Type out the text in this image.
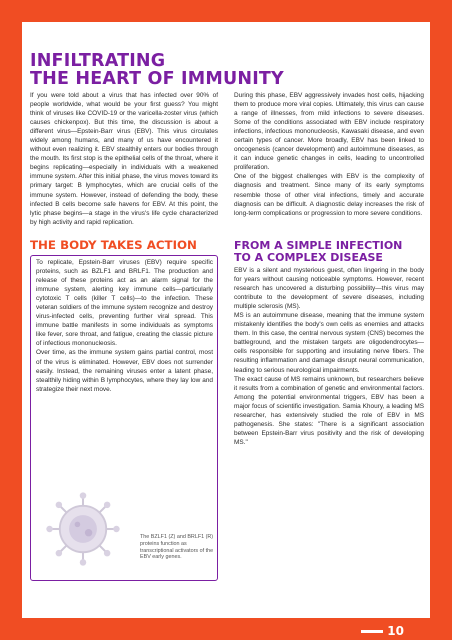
INFILTRATING
THE HEART OF IMMUNITY

If you were told about a virus that has infected over 90% of people worldwide, what would be your first guess? You might think of viruses like COVID-19 or the varicella-zoster virus (which causes chickenpox). But this time, the discussion is about a different virus—Epstein-Barr virus (EBV). This virus circulates widely among humans, and many of us have encountered it without even realizing it. EBV stealthily enters our bodies through the mouth. Its first stop is the epithelial cells of the throat, where it begins replicating—especially in individuals with a weakened immune system. After this initial phase, the virus moves toward its primary target: B lymphocytes, which are crucial cells of the immune system. However, instead of defending the body, these infected B cells become safe havens for EBV. At this point, the lytic phase begins—a stage in the virus's life cycle characterized by high activity and rapid replication.

During this phase, EBV aggressively invades host cells, hijacking them to produce more viral copies. Ultimately, this virus can cause a range of illnesses, from mild infections to severe diseases. Some of the conditions associated with EBV include respiratory infections, infectious mononucleosis, Kawasaki disease, and even certain types of cancer. More broadly, EBV has been linked to oncogenesis (cancer development) and autoimmune diseases, as it can induce genetic changes in cells, leading to uncontrolled proliferation.

One of the biggest challenges with EBV is the complexity of diagnosis and treatment. Since many of its early symptoms resemble those of other viral infections, timely and accurate diagnosis can be difficult. A diagnostic delay increases the risk of long-term complications or progression to more severe conditions.

THE BODY TAKES ACTION

To replicate, Epstein-Barr viruses (EBV) require specific proteins, such as BZLF1 and BRLF1. The production and release of these proteins act as an alarm signal for the immune system, alerting key immune cells—particularly cytotoxic T cells (killer T cells)—to the infection. These veteran soldiers of the immune system recognize and destroy virus-infected cells, preventing further viral spread. This immune battle manifests in some individuals as symptoms like fever, sore throat, and fatigue, creating the classic picture of infectious mononucleosis.

Over time, as the immune system gains partial control, most of the virus is eliminated. However, EBV does not surrender easily. Instead, the remaining viruses enter a latent phase, stealthily hiding within B lymphocytes, where they lay low and strategize their next move.

The BZLF1 (Z) and BRLF1 (R) proteins function as transcriptional activators of the EBV early genes.

FROM A SIMPLE INFECTION
TO A COMPLEX DISEASE

EBV is a silent and mysterious guest, often lingering in the body for years without causing noticeable symptoms. However, recent research has uncovered a disturbing possibility—this virus may contribute to the development of severe diseases, including multiple sclerosis (MS).

MS is an autoimmune disease, meaning that the immune system mistakenly identifies the body's own cells as enemies and attacks them. In this case, the central nervous system (CNS) becomes the battleground, and the mistaken targets are oligodendrocytes—cells responsible for supporting and insulating nerve fibers. The resulting inflammation and damage disrupt neural communication, leading to serious neurological impairments.

The exact cause of MS remains unknown, but researchers believe it results from a combination of genetic and environmental factors. Among the potential environmental triggers, EBV has been a major focus of scientific investigation. Samia Khoury, a leading MS researcher, has extensively studied the role of EBV in MS pathogenesis. She states: "There is a significant association between Epstein-Barr virus positivity and the risk of developing MS."

10
